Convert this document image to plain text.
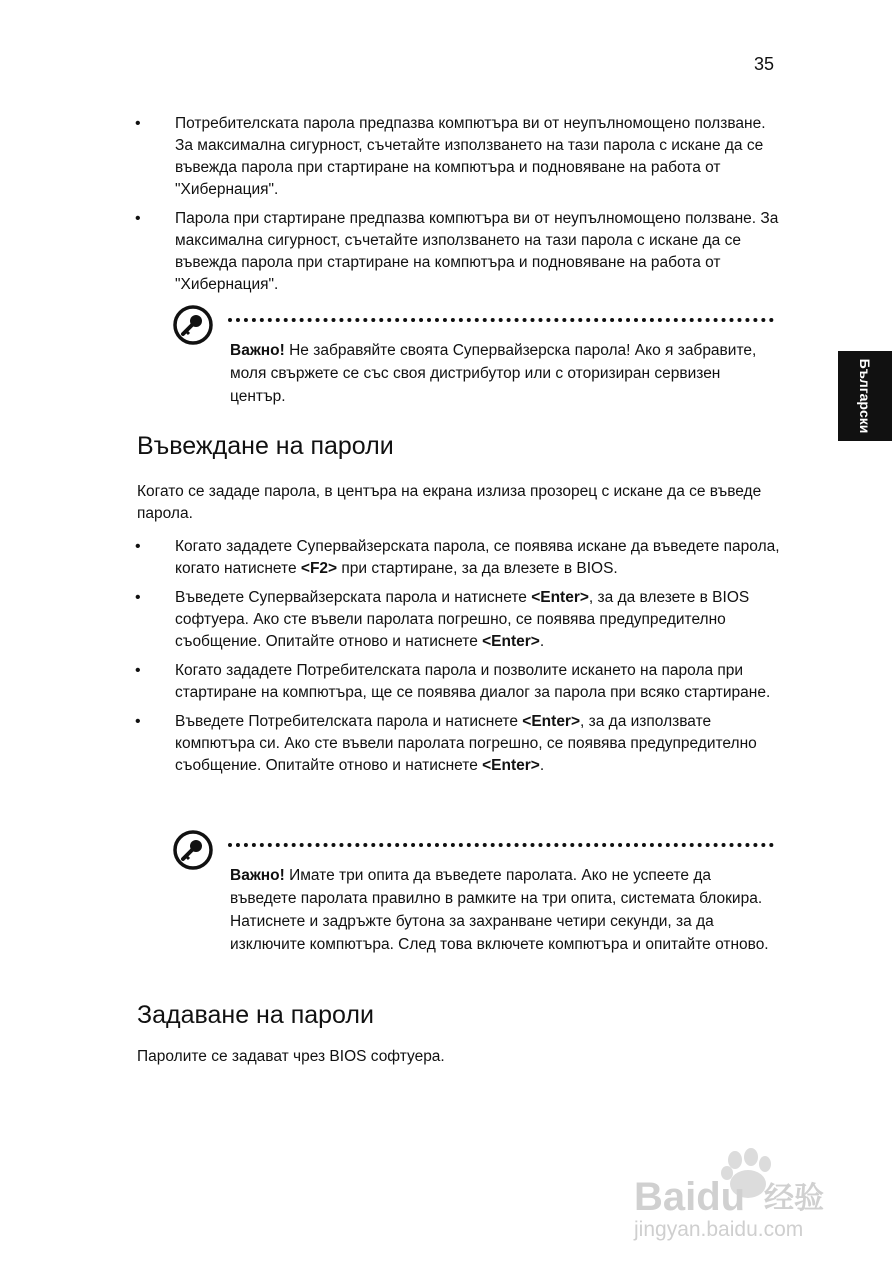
35
Български
• Потребителската парола предпазва компютъра ви от неупълномощено ползване. За максимална сигурност, съчетайте използването на тази парола с искане да се въвежда парола при стартиране на компютъра и подновяване на работа от "Хибернация".
• Парола при стартиране предпазва компютъра ви от неупълномощено ползване. За максимална сигурност, съчетайте използването на тази парола с искане да се въвежда парола при стартиране на компютъра и подновяване на работа от "Хибернация".
Важно! Не забравяйте своята Супервайзерска парола! Ако я забравите, моля свържете се със своя дистрибутор или с оторизиран сервизен център.
Въвеждане на пароли

Когато се зададе парола, в центъра на екрана излиза прозорец с искане да се въведе парола.

• Когато зададете Супервайзерската парола, се появява искане да въведете парола, когато натиснете <F2> при стартиране, за да влезете в BIOS.
• Въведете Супервайзерската парола и натиснете <Enter>, за да влезете в BIOS софтуера. Ако сте въвели паролата погрешно, се появява предупредително съобщение. Опитайте отново и натиснете <Enter>.
• Когато зададете Потребителската парола и позволите искането на парола при стартиране на компютъра, ще се появява диалог за парола при всяко стартиране.
• Въведете Потребителската парола и натиснете <Enter>, за да използвате компютъра си. Ако сте въвели паролата погрешно, се появява предупредително съобщение. Опитайте отново и натиснете <Enter>.
Важно! Имате три опита да въведете паролата. Ако не успеете да въведете паролата правилно в рамките на три опита, системата блокира. Натиснете и задръжте бутона за захранване четири секунди, за да изключите компютъра. След това включете компютъра и опитайте отново.
Задаване на пароли

Паролите се задават чрез BIOS софтуера.

Baidu 经验
jingyan.baidu.com
